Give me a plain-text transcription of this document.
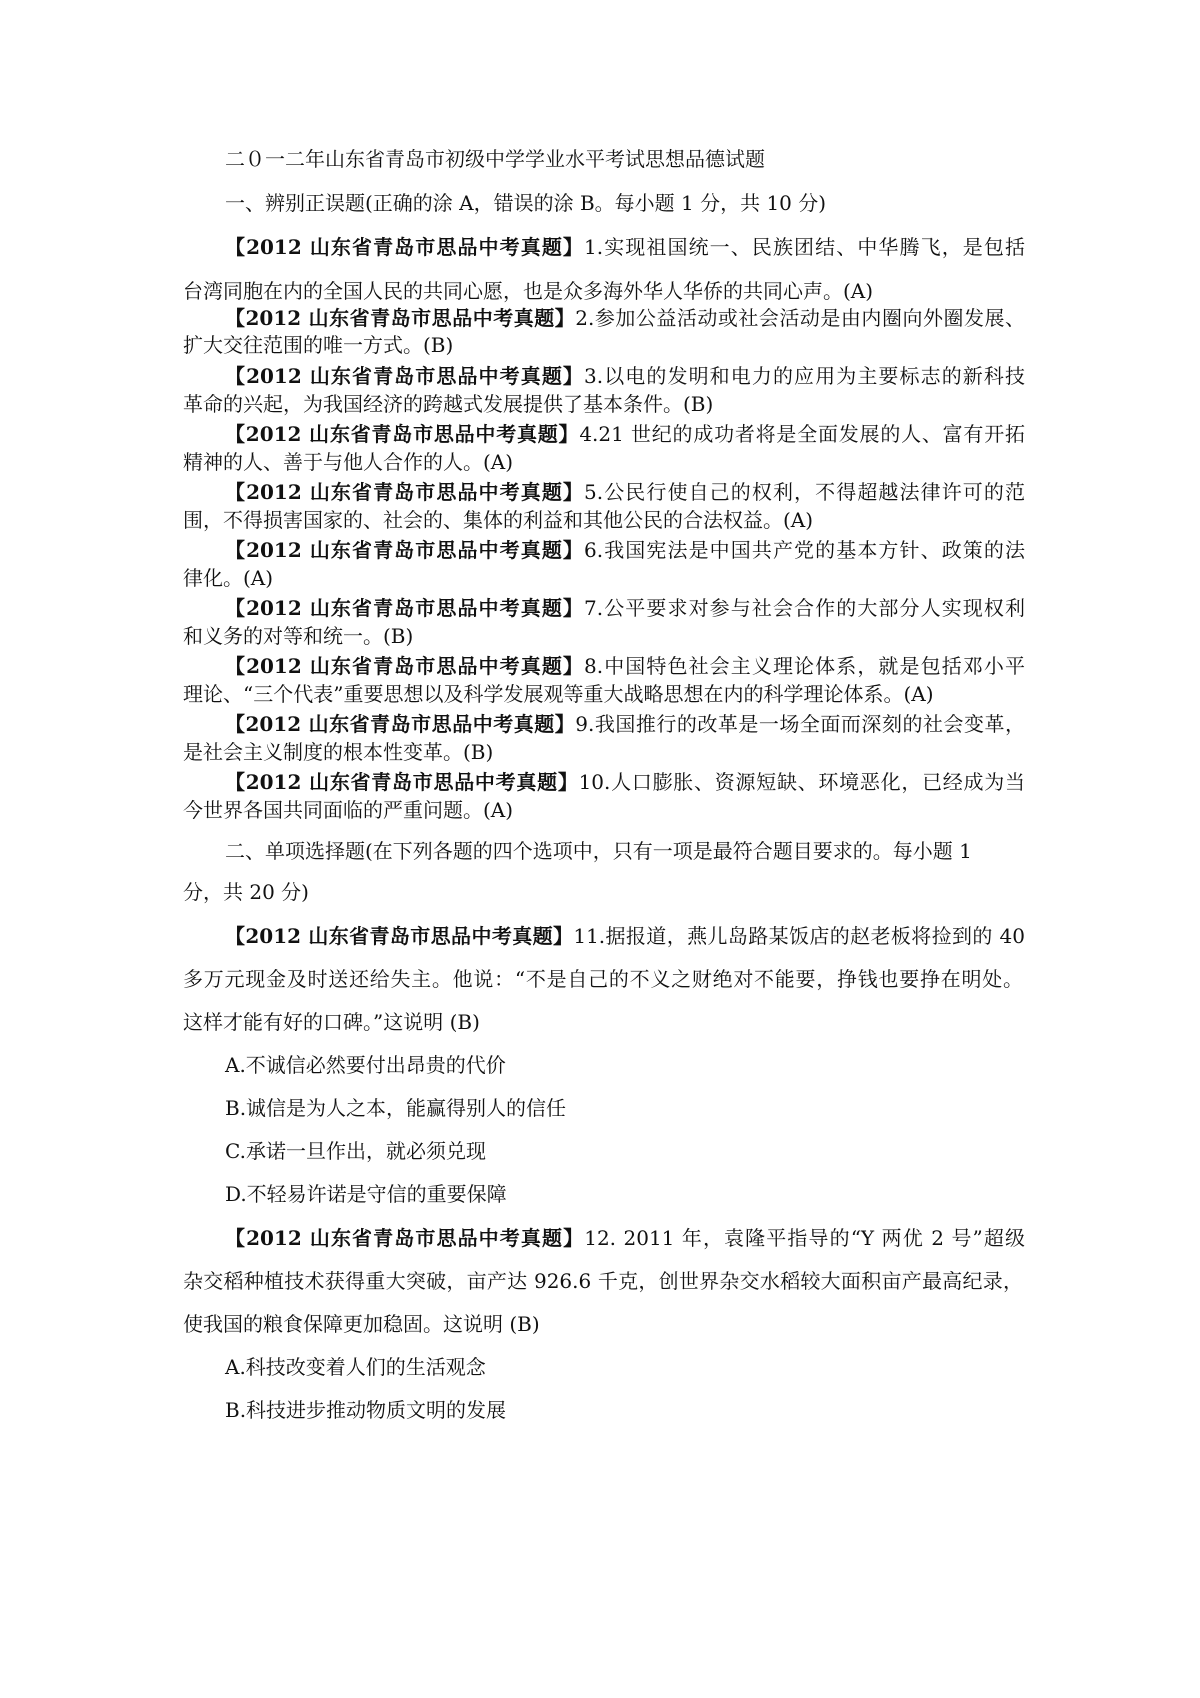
二０一二年山东省青岛市初级中学学业水平考试思想品德试题
一、辨别正误题(正确的涂 A，错误的涂 B。每小题 1 分，共 10 分)
【2012 山东省青岛市思品中考真题】1.实现祖国统一、民族团结、中华腾飞，是包括
台湾同胞在内的全国人民的共同心愿，也是众多海外华人华侨的共同心声。(A)
【2012 山东省青岛市思品中考真题】2.参加公益活动或社会活动是由内圈向外圈发展、
扩大交往范围的唯一方式。(B)
【2012 山东省青岛市思品中考真题】3.以电的发明和电力的应用为主要标志的新科技
革命的兴起，为我国经济的跨越式发展提供了基本条件。(B)
【2012 山东省青岛市思品中考真题】4.21 世纪的成功者将是全面发展的人、富有开拓
精神的人、善于与他人合作的人。(A)
【2012 山东省青岛市思品中考真题】5.公民行使自己的权利，不得超越法律许可的范
围，不得损害国家的、社会的、集体的利益和其他公民的合法权益。(A)
【2012 山东省青岛市思品中考真题】6.我国宪法是中国共产党的基本方针、政策的法
律化。(A)
【2012 山东省青岛市思品中考真题】7.公平要求对参与社会合作的大部分人实现权利
和义务的对等和统一。(B)
【2012 山东省青岛市思品中考真题】8.中国特色社会主义理论体系，就是包括邓小平
理论、“三个代表”重要思想以及科学发展观等重大战略思想在内的科学理论体系。(A)
【2012 山东省青岛市思品中考真题】9.我国推行的改革是一场全面而深刻的社会变革，
是社会主义制度的根本性变革。(B)
【2012 山东省青岛市思品中考真题】10.人口膨胀、资源短缺、环境恶化，已经成为当
今世界各国共同面临的严重问题。(A)
二、单项选择题(在下列各题的四个选项中，只有一项是最符合题目要求的。每小题 1
分，共 20 分)
【2012 山东省青岛市思品中考真题】11.据报道，燕儿岛路某饭店的赵老板将捡到的 40
多万元现金及时送还给失主。他说：“不是自己的不义之财绝对不能要，挣钱也要挣在明处。
这样才能有好的口碑。”这说明 (B)
A.不诚信必然要付出昂贵的代价
B.诚信是为人之本，能赢得别人的信任
C.承诺一旦作出，就必须兑现
D.不轻易许诺是守信的重要保障
【2012 山东省青岛市思品中考真题】12. 2011 年，袁隆平指导的“Y 两优 2 号”超级
杂交稻种植技术获得重大突破，亩产达 926.6 千克，创世界杂交水稻较大面积亩产最高纪录，
使我国的粮食保障更加稳固。这说明 (B)
A.科技改变着人们的生活观念
B.科技进步推动物质文明的发展
